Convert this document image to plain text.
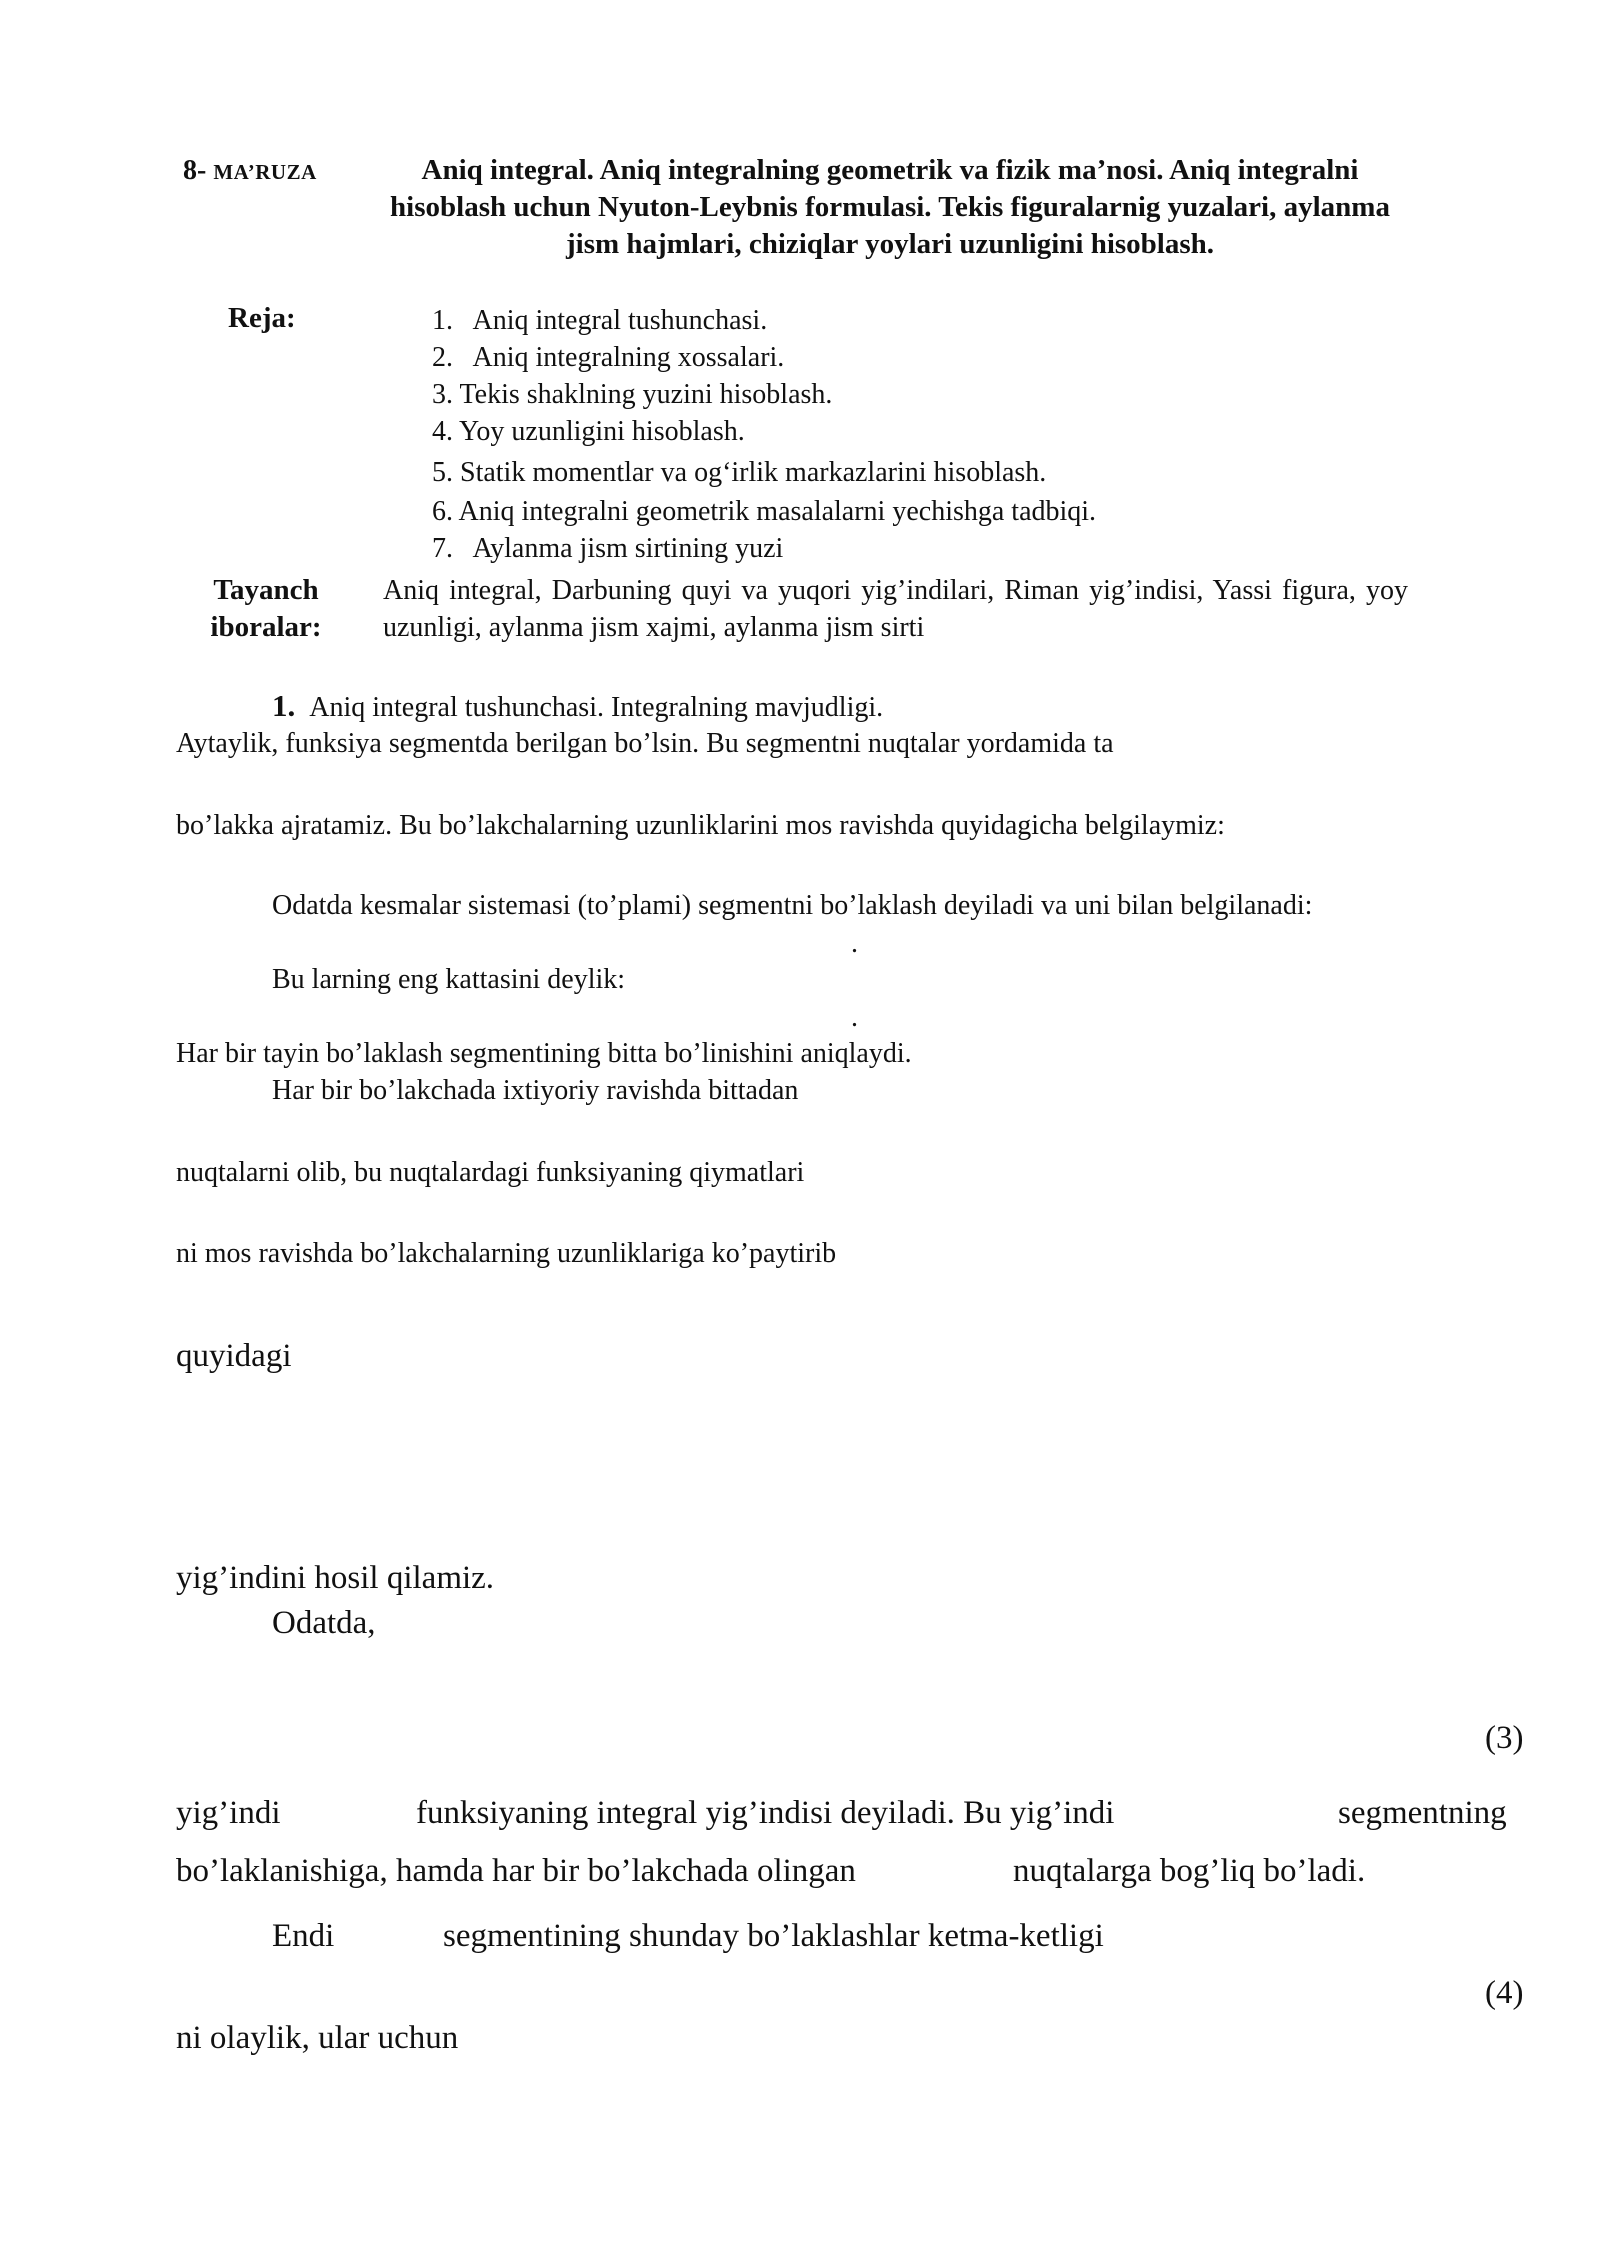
8- MA’RUZA	Aniq integral. Aniq integralning geometrik va fizik ma’nosi. Aniq integralni hisoblash uchun Nyuton-Leybnis formulasi. Tekis figuralarnig yuzalari, aylanma jism hajmlari, chiziqlar yoylari uzunligini hisoblash.
Reja:	1. Aniq integral tushunchasi.
2. Aniq integralning xossalari.
3. Tekis shaklning yuzini hisoblash.
4. Yoy uzunligini hisoblash.
5. Statik momentlar va og‘irlik markazlarini hisoblash.
6. Aniq integralni geometrik masalalarni yechishga tadbiqi.
7. Aylanma jism sirtining yuzi
Tayanch iboralar:
Aniq integral, Darbuning quyi va yuqori yig’indilari, Riman yig’indisi, Yassi figura, yoy uzunligi, aylanma jism xajmi, aylanma jism sirti
1. Aniq integral tushunchasi. Integralning mavjudligi.
Aytaylik, funksiya segmentda berilgan bo’lsin. Bu segmentni nuqtalar yordamida ta
bo’lakka ajratamiz. Bu bo’lakchalarning uzunliklarini mos ravishda quyidagicha belgilaymiz:
Odatda kesmalar sistemasi (to’plami) segmentni bo’laklash deyiladi va uni bilan belgilanadi:
.
Bu larning eng kattasini deylik:
.
Har bir tayin bo’laklash segmentining bitta bo’linishini aniqlaydi.
Har bir bo’lakchada ixtiyoriy ravishda bittadan
nuqtalarni olib, bu nuqtalardagi funksiyaning qiymatlari
ni mos ravishda bo’lakchalarning uzunliklariga ko’paytirib
quyidagi
yig’indini hosil qilamiz.
Odatda,
(3)
yig’indi	funksiyaning integral yig’indisi deyiladi. Bu yig’indi	segmentning
bo’laklanishiga, hamda har bir bo’lakchada olingan	nuqtalarga bog’liq bo’ladi.
Endi	segmentining shunday bo’laklashlar ketma-ketligi
(4)
ni olaylik, ular uchun
